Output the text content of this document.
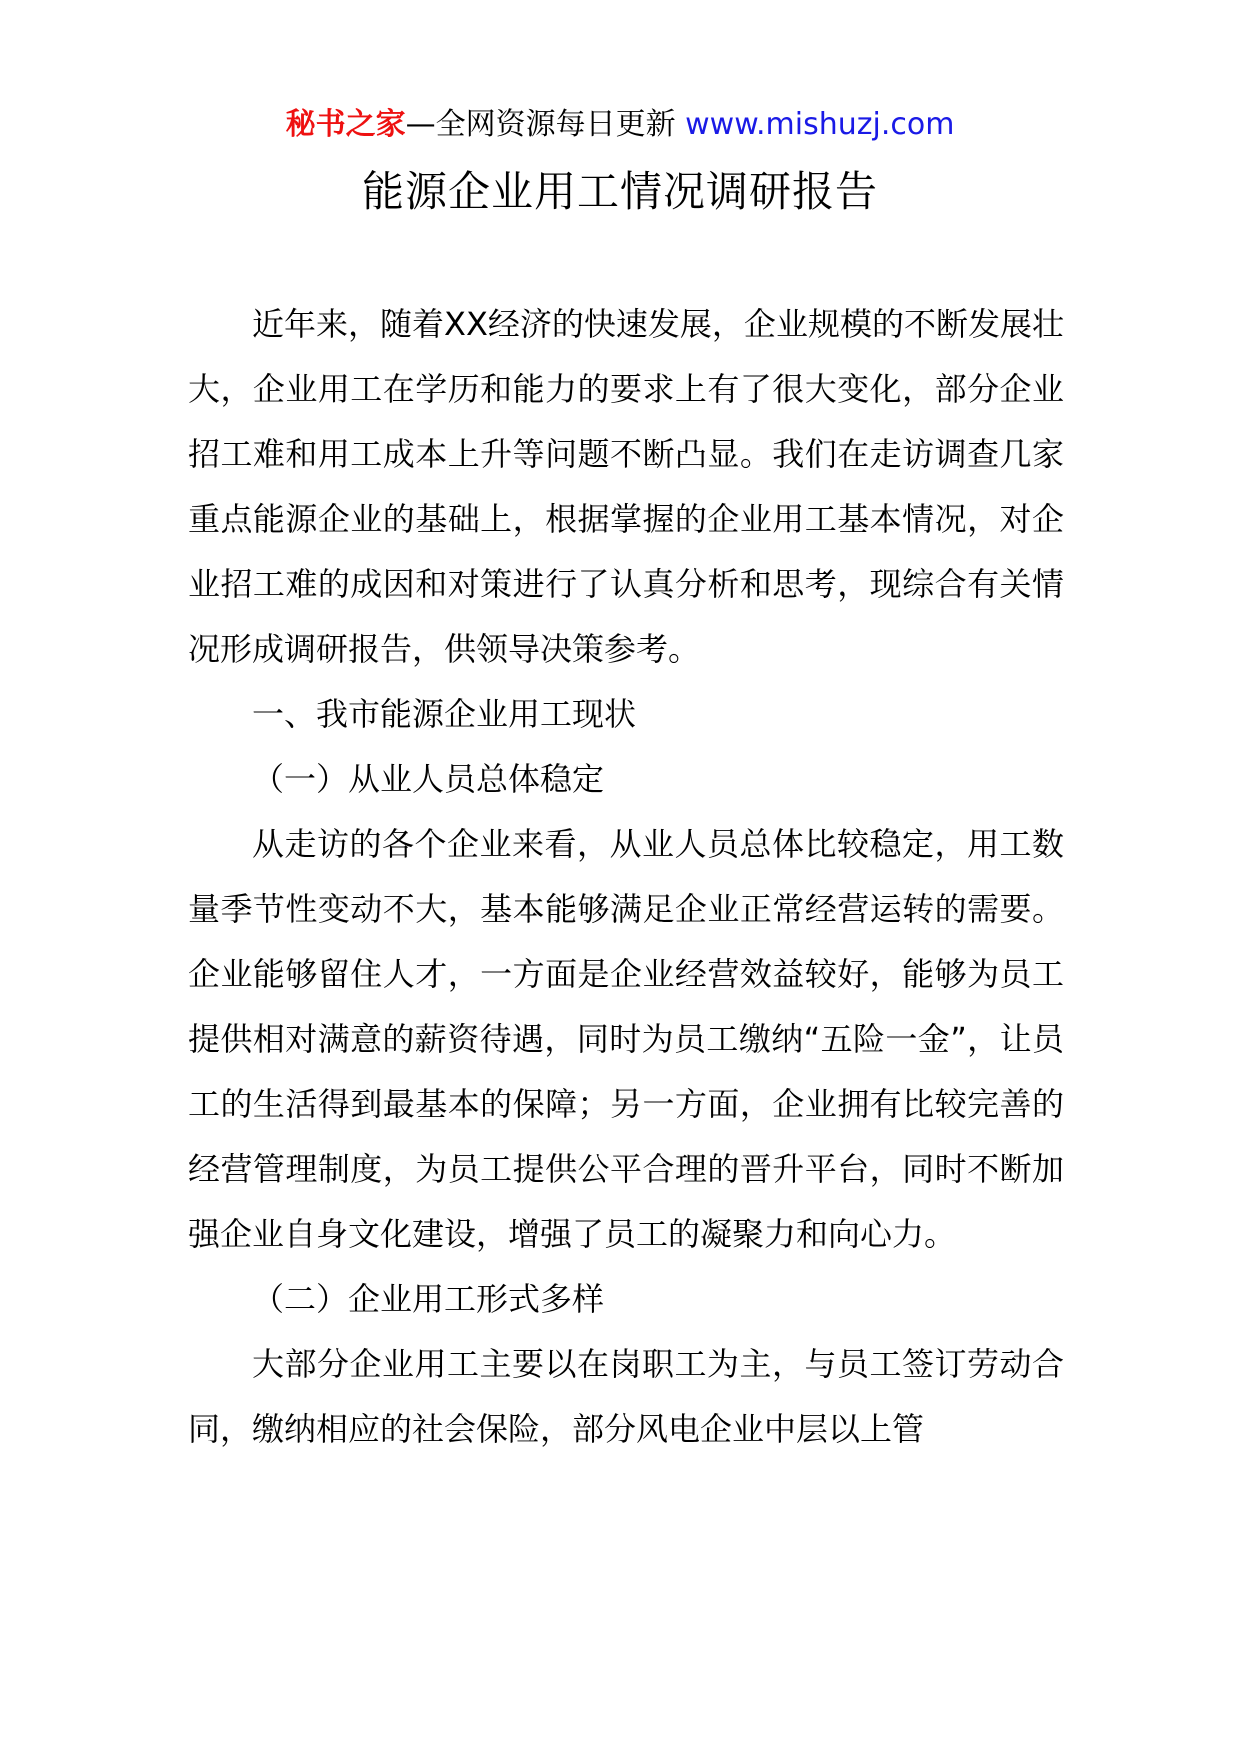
秘书之家—全网资源每日更新 www.mishuzj.com
能源企业用工情况调研报告

近年来，随着XX经济的快速发展，企业规模的不断发展壮大，企业用工在学历和能力的要求上有了很大变化，部分企业招工难和用工成本上升等问题不断凸显。我们在走访调查几家重点能源企业的基础上，根据掌握的企业用工基本情况，对企业招工难的成因和对策进行了认真分析和思考，现综合有关情况形成调研报告，供领导决策参考。

一、我市能源企业用工现状

（一）从业人员总体稳定

从走访的各个企业来看，从业人员总体比较稳定，用工数量季节性变动不大，基本能够满足企业正常经营运转的需要。企业能够留住人才，一方面是企业经营效益较好，能够为员工提供相对满意的薪资待遇，同时为员工缴纳“五险一金”，让员工的生活得到最基本的保障；另一方面，企业拥有比较完善的经营管理制度，为员工提供公平合理的晋升平台，同时不断加强企业自身文化建设，增强了员工的凝聚力和向心力。

（二）企业用工形式多样

大部分企业用工主要以在岗职工为主，与员工签订劳动合同，缴纳相应的社会保险，部分风电企业中层以上管
